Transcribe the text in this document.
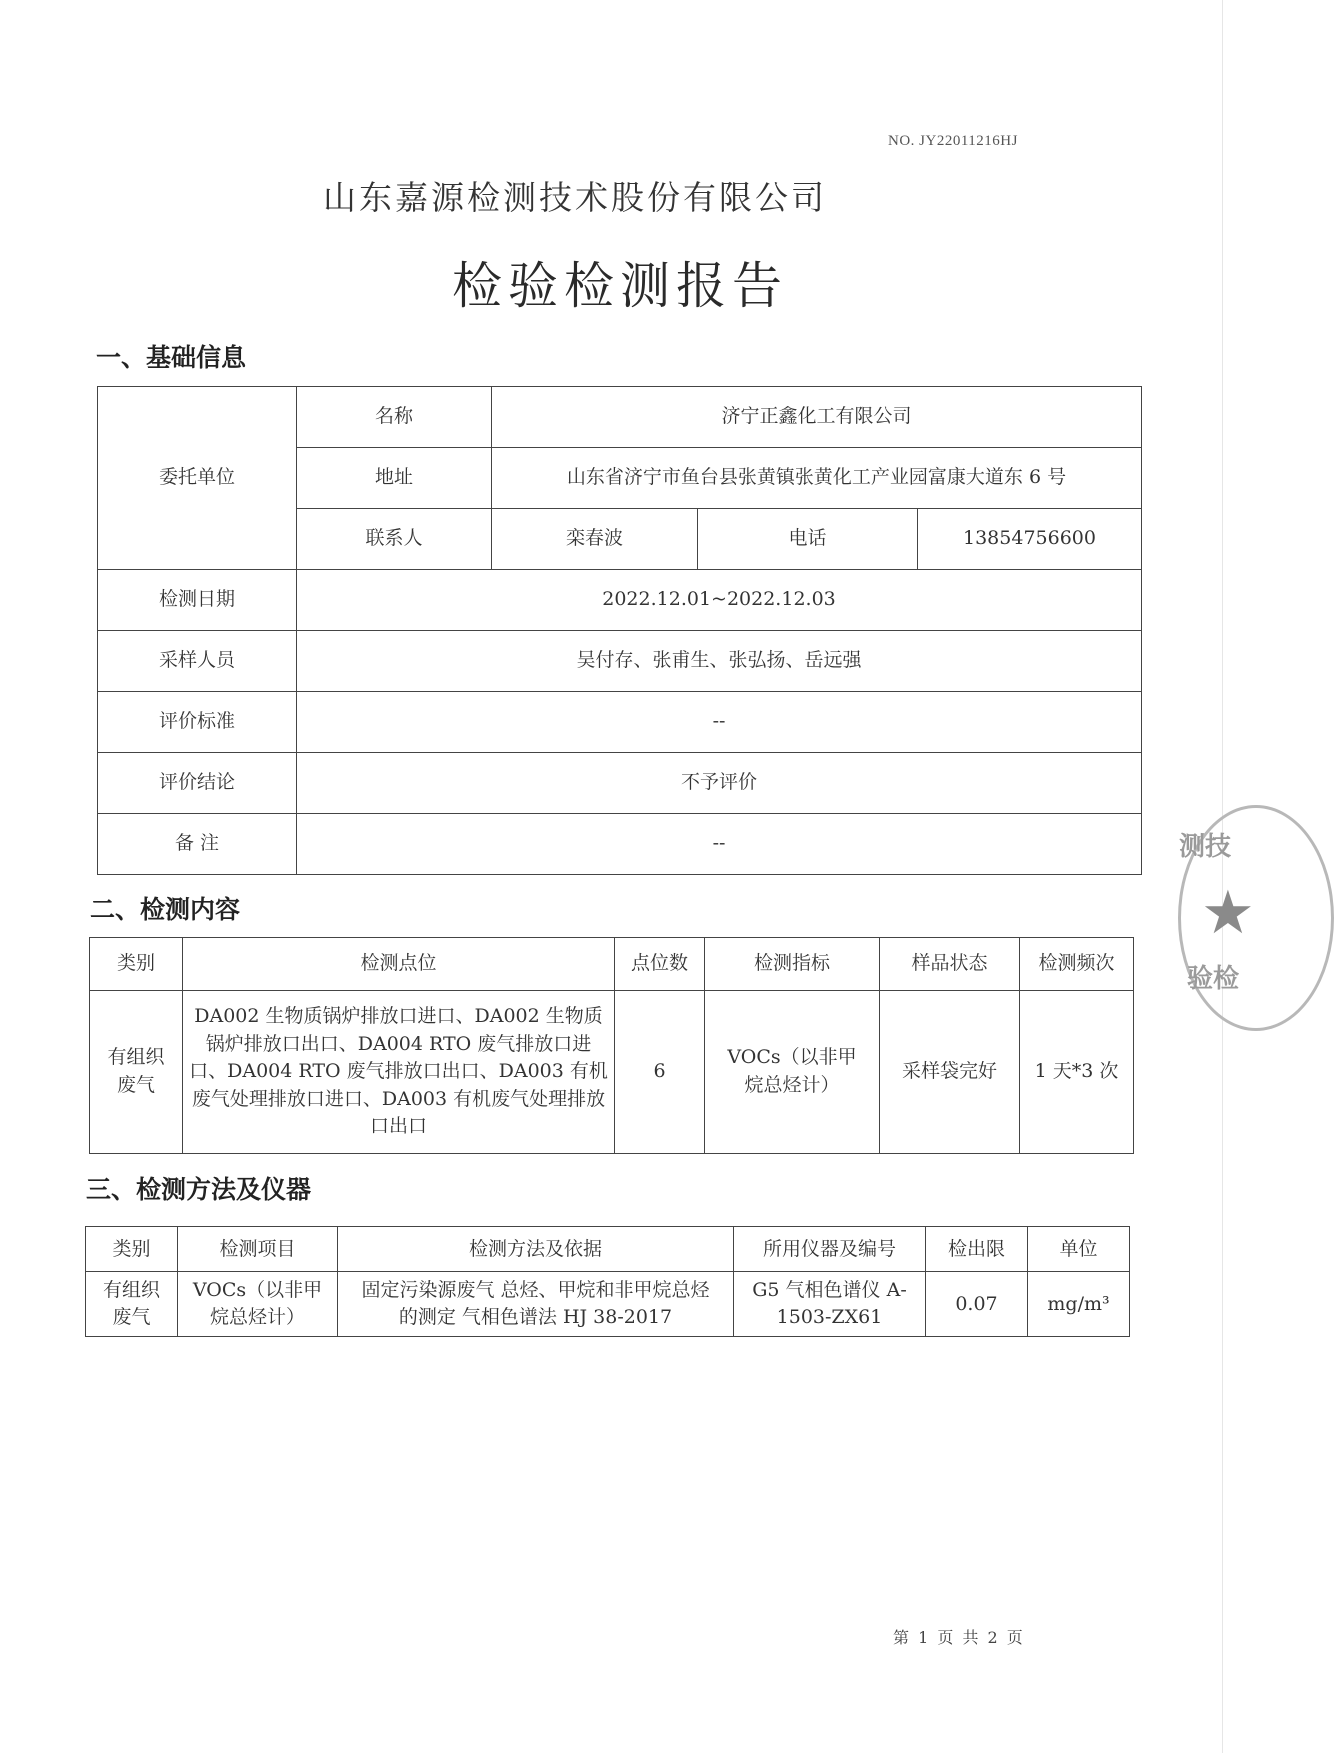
NO. JY22011216HJ
山东嘉源检测技术股份有限公司
检验检测报告
一、基础信息
委托单位	名称	济宁正鑫化工有限公司		
	地址	山东省济宁市鱼台县张黄镇张黄化工产业园富康大道东 6 号		
	联系人	栾春波	电话	13854756600
检测日期	2022.12.01~2022.12.03			
采样人员	吴付存、张甫生、张弘扬、岳远强			
评价标准	--			
评价结论	不予评价			
备 注	--			
二、检测内容
类别	检测点位	点位数	检测指标	样品状态	检测频次
有组织废气	DA002 生物质锅炉排放口进口、DA002 生物质锅炉排放口出口、DA004 RTO 废气排放口进口、DA004 RTO 废气排放口出口、DA003 有机废气处理排放口进口、DA003 有机废气处理排放口出口	6	VOCs（以非甲烷总烃计）	采样袋完好	1 天*3 次
三、检测方法及仪器
类别	检测项目	检测方法及依据	所用仪器及编号	检出限	单位
有组织废气	VOCs（以非甲烷总烃计）	固定污染源废气 总烃、甲烷和非甲烷总烃的测定 气相色谱法 HJ 38-2017	G5 气相色谱仪 A-1503-ZX61	0.07	mg/m³
测技
★
验检
第 1 页 共 2 页
